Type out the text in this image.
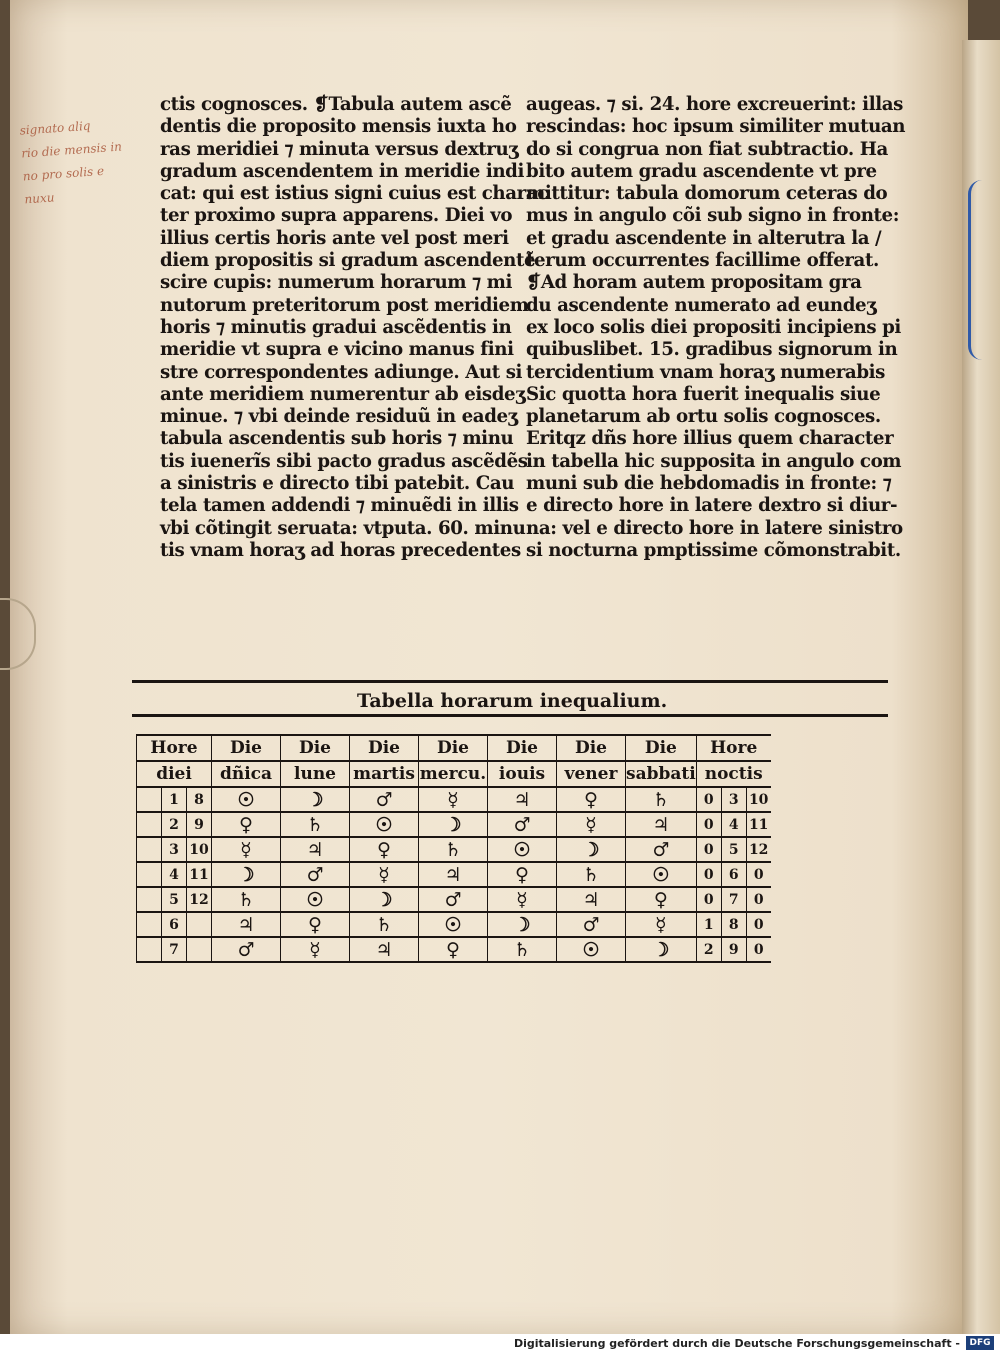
signato aliq
rio die mensis in
no pro solis e
nuxu
ctis cognosces. ❡Tabula autem ascẽ
dentis die proposito mensis iuxta ho
ras meridiei ⁊ minuta versus dextruʒ
gradum ascendentem in meridie indi
cat: qui est istius signi cuius est charac
ter proximo supra apparens. Diei vo
illius certis horis ante vel post meri
diem propositis si gradum ascendentẽ
scire cupis: numerum horarum ⁊ mi
nutorum preteritorum post meridiem
horis ⁊ minutis gradui ascẽdentis in
meridie vt supra e vicino manus fini
stre correspondentes adiunge. Aut si
ante meridiem numerentur ab eisdeʒ
minue. ⁊ vbi deinde residuũ in eadeʒ
tabula ascendentis sub horis ⁊ minu
tis iuenerĩs sibi pacto gradus ascẽdẽs
a sinistris e directo tibi patebit. Cau
tela tamen addendi ⁊ minuẽdi in illis
vbi cõtingit seruata: vtputa. 60. minu
tis vnam horaʒ ad horas precedentes
augeas. ⁊ si. 24. hore excreuerint: illas
rescindas: hoc ipsum similiter mutuan
do si congrua non fiat subtractio. Ha
bito autem gradu ascendente vt pre
mittitur: tabula domorum ceteras do
mus in angulo cõi sub signo in fronte:
et gradu ascendente in alterutra la /
terum occurrentes facillime offerat.
❡Ad horam autem propositam gra
du ascendente numerato ad eundeʒ
ex loco solis diei propositi incipiens pi
quibuslibet. 15. gradibus signorum in
tercidentium vnam horaʒ numerabis
Sic quotta hora fuerit inequalis siue
planetarum ab ortu solis cognosces.
Eritqz dñs hore illius quem character
in tabella hic supposita in angulo com
muni sub die hebdomadis in fronte: ⁊
e directo hore in latere dextro si diur-
na: vel e directo hore in latere sinistro
si nocturna pmptissime cõmonstrabit.
Tabella horarum inequalium.
Hore			Die	Die	Die	Die	Die	Die	Die	Hore		
diei			dñica	lune	martis	mercu.	iouis	vener	sabbati	noctis		
	1	8	☉	☽	♂	☿	♃	♀	♄	0	3	10
	2	9	♀	♄	☉	☽	♂	☿	♃	0	4	11
	3	10	☿	♃	♀	♄	☉	☽	♂	0	5	12
	4	11	☽	♂	☿	♃	♀	♄	☉	0	6	0
	5	12	♄	☉	☽	♂	☿	♃	♀	0	7	0
	6		♃	♀	♄	☉	☽	♂	☿	1	8	0
	7		♂	☿	♃	♀	♄	☉	☽	2	9	0
Digitalisierung gefördert durch die Deutsche Forschungsgemeinschaft -	DFG
